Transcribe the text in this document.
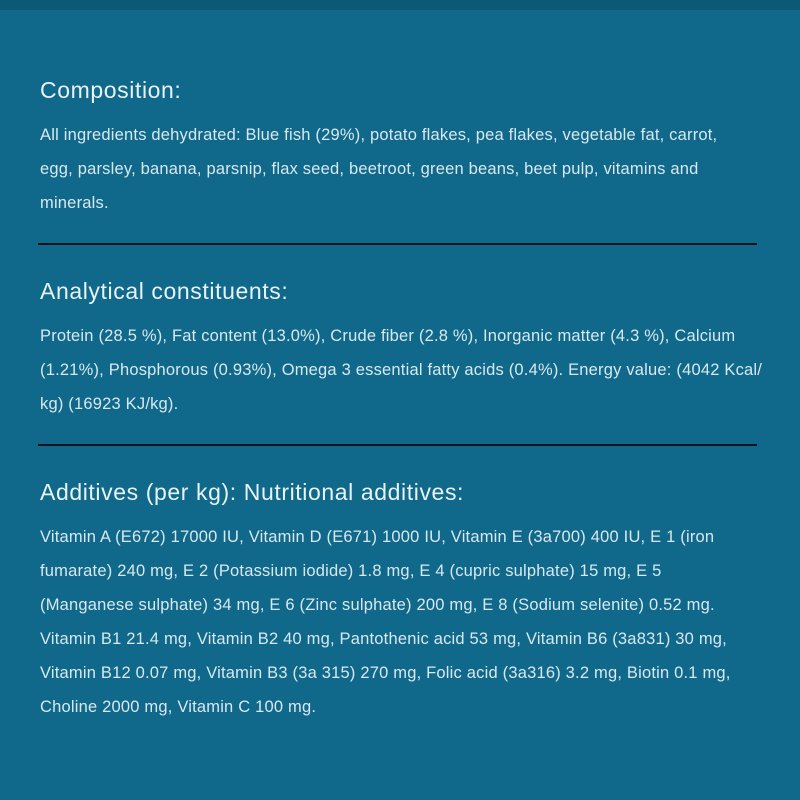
Composition:
All ingredients dehydrated: Blue fish (29%), potato flakes, pea flakes, vegetable fat, carrot,
egg, parsley, banana, parsnip, flax seed, beetroot, green beans, beet pulp, vitamins and
minerals.
Analytical constituents:
Protein (28.5 %), Fat content (13.0%), Crude fiber (2.8 %), Inorganic matter (4.3 %), Calcium
(1.21%), Phosphorous (0.93%), Omega 3 essential fatty acids (0.4%). Energy value: (4042 Kcal/
kg) (16923 KJ/kg).
Additives (per kg): Nutritional additives:
Vitamin A (E672) 17000 IU, Vitamin D (E671) 1000 IU, Vitamin E (3a700) 400 IU, E 1 (iron
fumarate) 240 mg, E 2 (Potassium iodide) 1.8 mg, E 4 (cupric sulphate) 15 mg, E 5
(Manganese sulphate) 34 mg, E 6 (Zinc sulphate) 200 mg, E 8 (Sodium selenite) 0.52 mg.
Vitamin B1 21.4 mg, Vitamin B2 40 mg, Pantothenic acid 53 mg, Vitamin B6 (3a831) 30 mg,
Vitamin B12 0.07 mg, Vitamin B3 (3a 315) 270 mg, Folic acid (3a316) 3.2 mg, Biotin 0.1 mg,
Choline 2000 mg, Vitamin C 100 mg.
